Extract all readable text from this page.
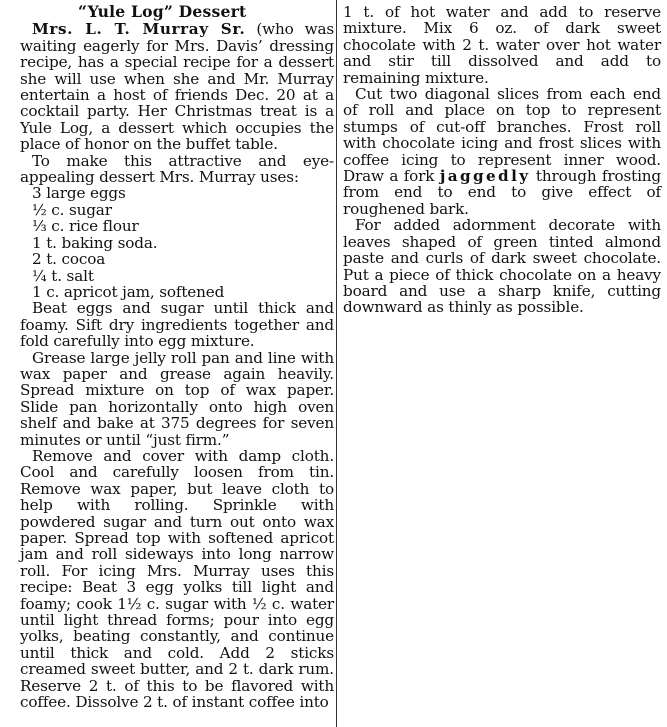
“Yule Log” Dessert

Mrs. L. T. Murray Sr. (who was waiting eagerly for Mrs. Davis’ dressing recipe, has a special recipe for a dessert she will use when she and Mr. Murray entertain a host of friends Dec. 20 at a cocktail party. Her Christmas treat is a Yule Log, a dessert which occupies the place of honor on the buffet table.

To make this attractive and eye-appealing dessert Mrs. Murray uses:

3 large eggs
½ c. sugar
⅓ c. rice flour
1 t. baking soda.
2 t. cocoa
¼ t. salt
1 c. apricot jam, softened

Beat eggs and sugar until thick and foamy. Sift dry ingredients together and fold carefully into egg mixture.

Grease large jelly roll pan and line with wax paper and grease again heavily. Spread mixture on top of wax paper. Slide pan horizontally onto high oven shelf and bake at 375 degrees for seven minutes or until “just firm.”

Remove and cover with damp cloth. Cool and carefully loosen from tin. Remove wax paper, but leave cloth to help with rolling. Sprinkle with powdered sugar and turn out onto wax paper. Spread top with softened apricot jam and roll sideways into long narrow roll. For icing Mrs. Murray uses this recipe: Beat 3 egg yolks till light and foamy; cook 1½ c. sugar with ½ c. water until light thread forms; pour into egg yolks, beating constantly, and continue until thick and cold. Add 2 sticks creamed sweet butter, and 2 t. dark rum. Reserve 2 t. of this to be flavored with coffee. Dissolve 2 t. of instant coffee into

1 t. of hot water and add to reserve mixture. Mix 6 oz. of dark sweet chocolate with 2 t. water over hot water and stir till dissolved and add to remaining mixture.

Cut two diagonal slices from each end of roll and place on top to represent stumps of cut-off branches. Frost roll with chocolate icing and frost slices with coffee icing to represent inner wood. Draw a fork jaggedly through frosting from end to end to give effect of roughened bark.

For added adornment decorate with leaves shaped of green tinted almond paste and curls of dark sweet chocolate. Put a piece of thick chocolate on a heavy board and use a sharp knife, cutting downward as thinly as possible.
